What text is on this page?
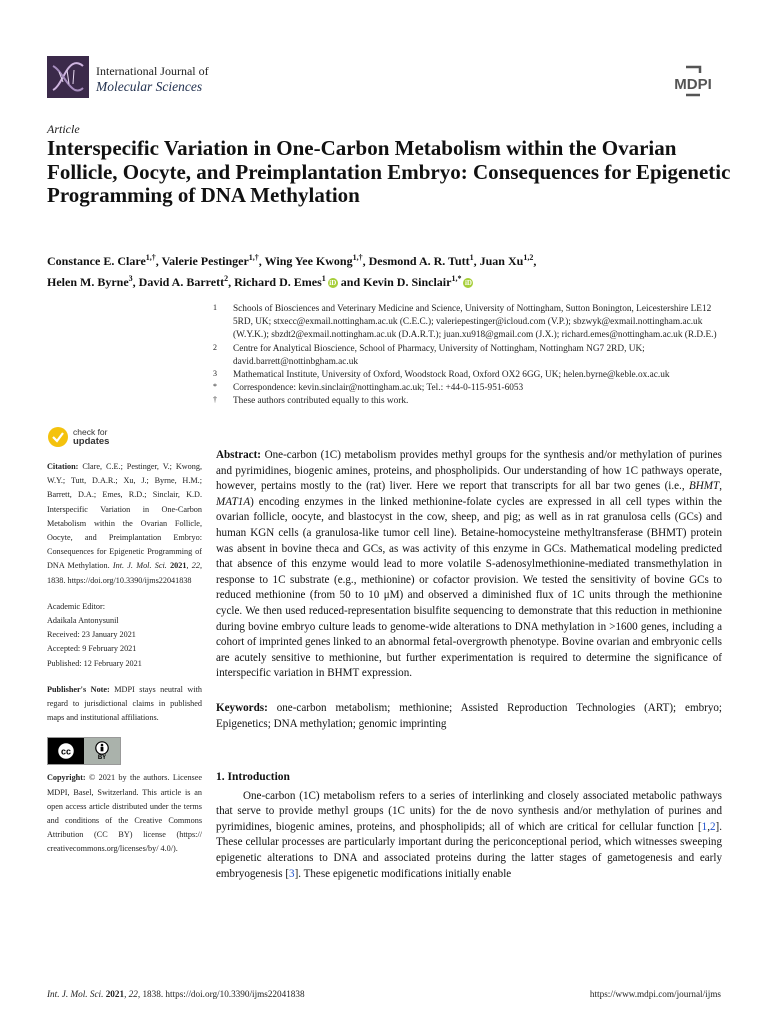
International Journal of
Molecular Sciences	MDPI
Article
Interspecific Variation in One-Carbon Metabolism within the Ovarian Follicle, Oocyte, and Preimplantation Embryo: Consequences for Epigenetic Programming of DNA Methylation
Constance E. Clare$^{1,\dagger}$, Valerie Pestinger$^{1,\dagger}$, Wing Yee Kwong$^{1,\dagger}$, Desmond A. R. Tutt$^1$, Juan Xu$^{1,2}$,
Helen M. Byrne$^3$, David A. Barrett$^2$, Richard D. Emes$^1$ iD and Kevin D. Sinclair$^{1,*}$ iD
1 Schools of Biosciences and Veterinary Medicine and Science, University of Nottingham, Sutton Bonington, Leicestershire LE12 5RD, UK; stxecc@exmail.nottingham.ac.uk (C.E.C.); valeriepestinger@icloud.com (V.P.); sbzwyk@exmail.nottingham.ac.uk (W.Y.K.); sbzdt2@exmail.nottingham.ac.uk (D.A.R.T.); juan.xu918@gmail.com (J.X.); richard.emes@nottingham.ac.uk (R.D.E.)
2 Centre for Analytical Bioscience, School of Pharmacy, University of Nottingham, Nottingham NG7 2RD, UK; david.barrett@nottinbgham.ac.uk
3 Mathematical Institute, University of Oxford, Woodstock Road, Oxford OX2 6GG, UK; helen.byrne@keble.ox.ac.uk
* Correspondence: kevin.sinclair@nottingham.ac.uk; Tel.: +44-0-115-951-6053
† These authors contributed equally to this work.
check for
updates
Citation: Clare, C.E.; Pestinger, V.; Kwong, W.Y.; Tutt, D.A.R.; Xu, J.; Byrne, H.M.; Barrett, D.A.; Emes, R.D.; Sinclair, K.D. Interspecific Variation in One-Carbon Metabolism within the Ovarian Follicle, Oocyte, and Preimplantation Embryo: Consequences for Epigenetic Programming of DNA Methylation. Int. J. Mol. Sci. 2021, 22, 1838. https://doi.org/10.3390/ijms22041838
Academic Editor:
Adaikala Antonysunil
Received: 23 January 2021
Accepted: 9 February 2021
Published: 12 February 2021
Publisher's Note: MDPI stays neutral with regard to jurisdictional claims in published maps and institutional affiliations.
cc
BY
Copyright: © 2021 by the authors. Licensee MDPI, Basel, Switzerland. This article is an open access article distributed under the terms and conditions of the Creative Commons Attribution (CC BY) license (https:// creativecommons.org/licenses/by/ 4.0/).
Abstract: One-carbon (1C) metabolism provides methyl groups for the synthesis and/or methylation of purines and pyrimidines, biogenic amines, proteins, and phospholipids. Our understanding of how 1C pathways operate, however, pertains mostly to the (rat) liver. Here we report that transcripts for all bar two genes (i.e., BHMT, MAT1A) encoding enzymes in the linked methionine-folate cycles are expressed in all cell types within the ovarian follicle, oocyte, and blastocyst in the cow, sheep, and pig; as well as in rat granulosa cells (GCs) and human KGN cells (a granulosa-like tumor cell line). Betaine-homocysteine methyltransferase (BHMT) protein was absent in bovine theca and GCs, as was activity of this enzyme in GCs. Mathematical modeling predicted that absence of this enzyme would lead to more volatile S-adenosylmethionine-mediated transmethylation in response to 1C substrate (e.g., methionine) or cofactor provision. We tested the sensitivity of bovine GCs to reduced methionine (from 50 to 10 μM) and observed a diminished flux of 1C units through the methionine cycle. We then used reduced-representation bisulfite sequencing to demonstrate that this reduction in methionine during bovine embryo culture leads to genome-wide alterations to DNA methylation in >1600 genes, including a cohort of imprinted genes linked to an abnormal fetal-overgrowth phenotype. Bovine ovarian and embryonic cells are acutely sensitive to methionine, but further experimentation is required to determine the significance of interspecific variation in BHMT expression.
Keywords: one-carbon metabolism; methionine; Assisted Reproduction Technologies (ART); embryo; Epigenetics; DNA methylation; genomic imprinting
1. Introduction
One-carbon (1C) metabolism refers to a series of interlinking and closely associated metabolic pathways that serve to provide methyl groups (1C units) for the de novo synthesis and/or methylation of purines and pyrimidines, biogenic amines, proteins, and phospholipids; all of which are critical for cellular function [1,2]. These cellular processes are particularly important during the periconceptional period, which witnesses sweeping epigenetic alterations to DNA and associated proteins during the latter stages of gametogenesis and early embryogenesis [3]. These epigenetic modifications initially enable
Int. J. Mol. Sci. 2021, 22, 1838. https://doi.org/10.3390/ijms22041838	https://www.mdpi.com/journal/ijms
